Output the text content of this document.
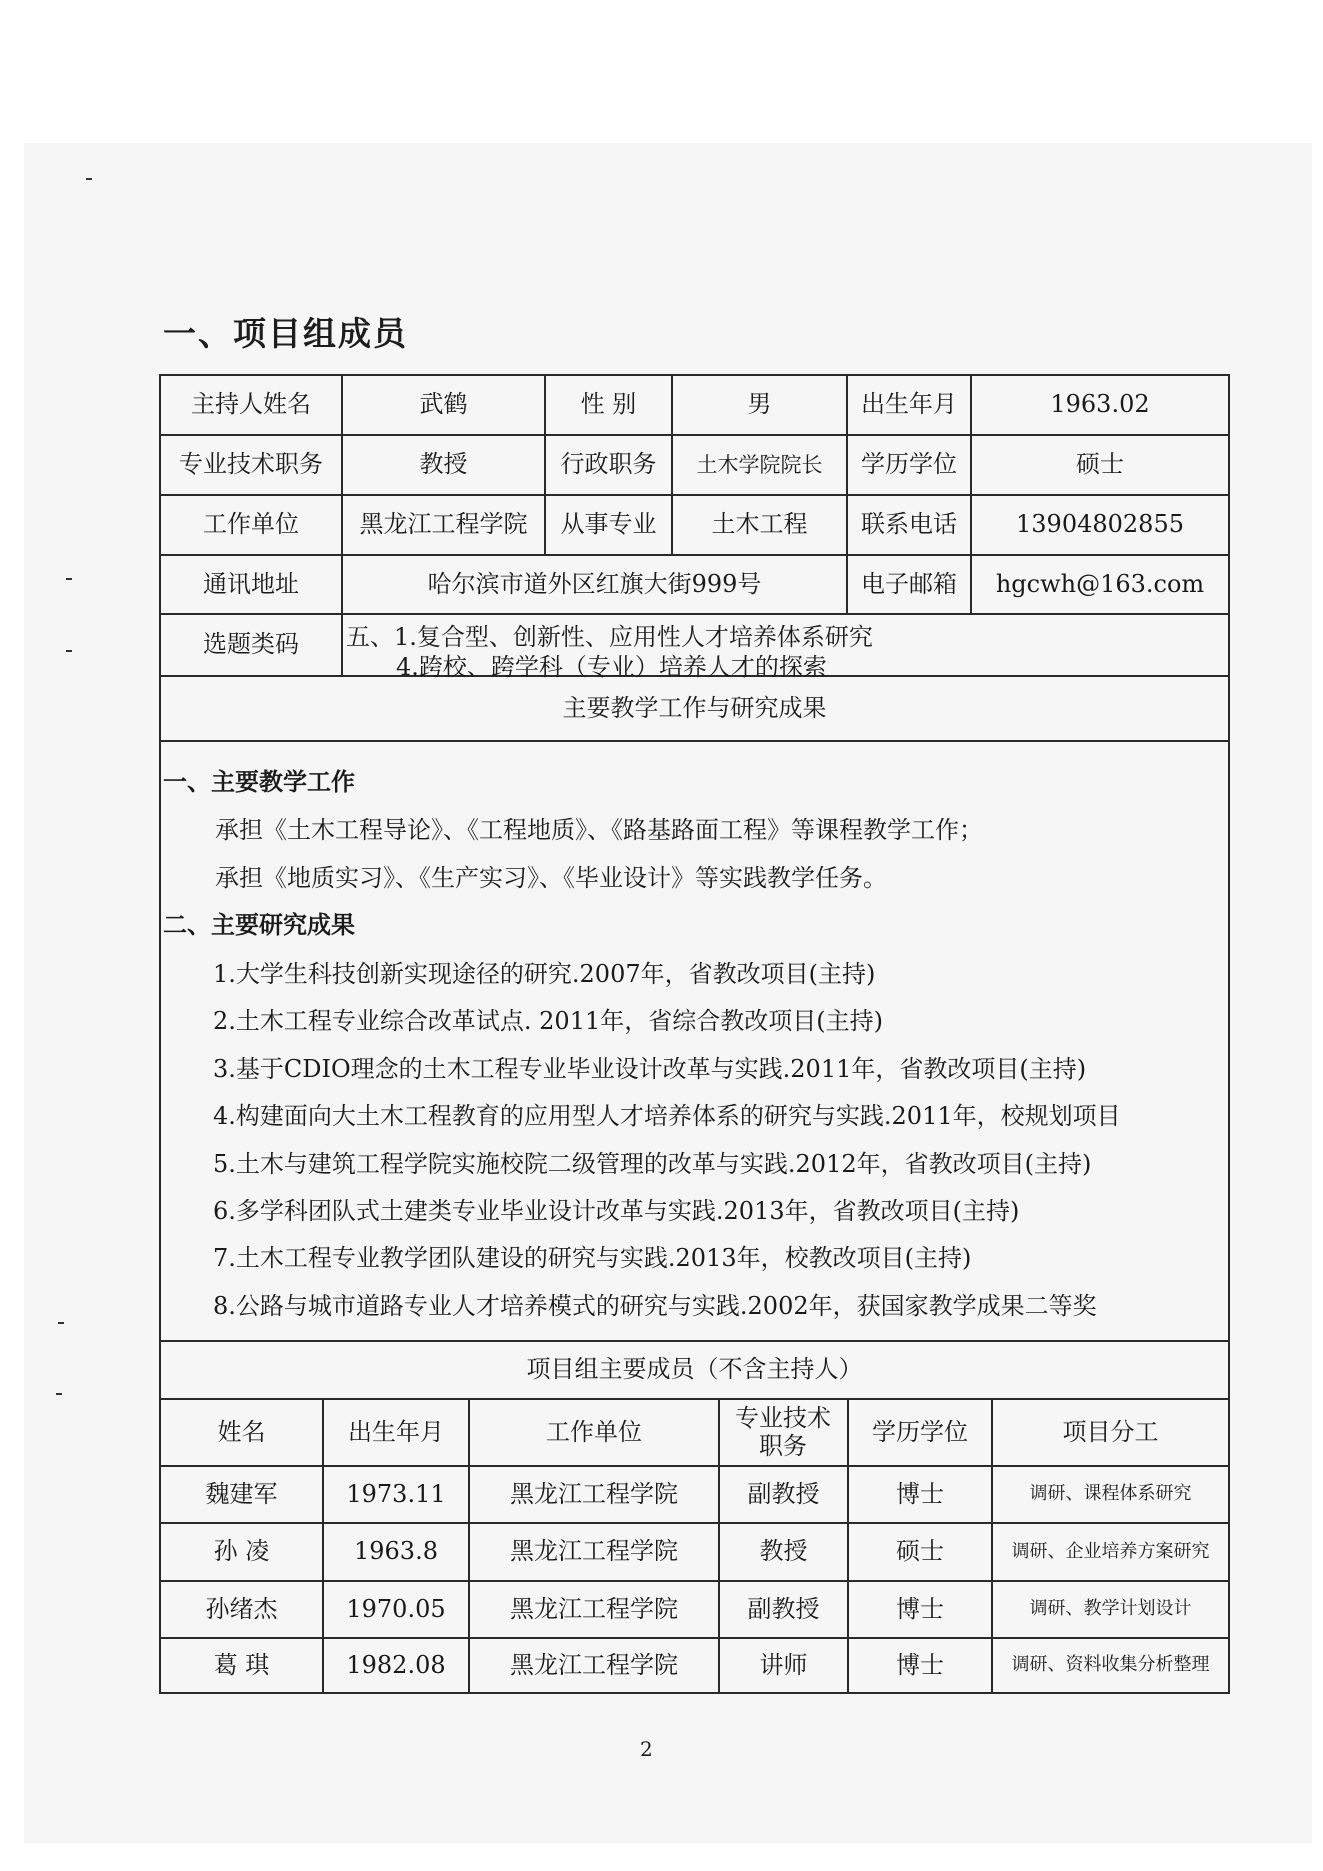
一、项目组成员
主持人姓名	武鹤	性 别	男	出生年月	1963.02
专业技术职务	教授	行政职务	土木学院院长	学历学位	硕士
工作单位	黑龙江工程学院	从事专业	土木工程	联系电话	13904802855
通讯地址	哈尔滨市道外区红旗大街999号	电子邮箱	hgcwh@163.com
选题类码	五、1.复合型、创新性、应用性人才培养体系研究
4.跨校、跨学科（专业）培养人才的探索
主要教学工作与研究成果
一、主要教学工作
承担《土木工程导论》、《工程地质》、《路基路面工程》等课程教学工作；
承担《地质实习》、《生产实习》、《毕业设计》等实践教学任务。
二、主要研究成果
1.大学生科技创新实现途径的研究.2007年，省教改项目(主持)
2.土木工程专业综合改革试点. 2011年，省综合教改项目(主持)
3.基于CDIO理念的土木工程专业毕业设计改革与实践.2011年，省教改项目(主持)
4.构建面向大土木工程教育的应用型人才培养体系的研究与实践.2011年，校规划项目
5.土木与建筑工程学院实施校院二级管理的改革与实践.2012年，省教改项目(主持)
6.多学科团队式土建类专业毕业设计改革与实践.2013年，省教改项目(主持)
7.土木工程专业教学团队建设的研究与实践.2013年，校教改项目(主持)
8.公路与城市道路专业人才培养模式的研究与实践.2002年，获国家教学成果二等奖
项目组主要成员（不含主持人）
姓名	出生年月	工作单位	专业技术职务	学历学位	项目分工
魏建军	1973.11	黑龙江工程学院	副教授	博士	调研、课程体系研究
孙 凌	1963.8	黑龙江工程学院	教授	硕士	调研、企业培养方案研究
孙绪杰	1970.05	黑龙江工程学院	副教授	博士	调研、教学计划设计
葛 琪	1982.08	黑龙江工程学院	讲师	博士	调研、资料收集分析整理
2
